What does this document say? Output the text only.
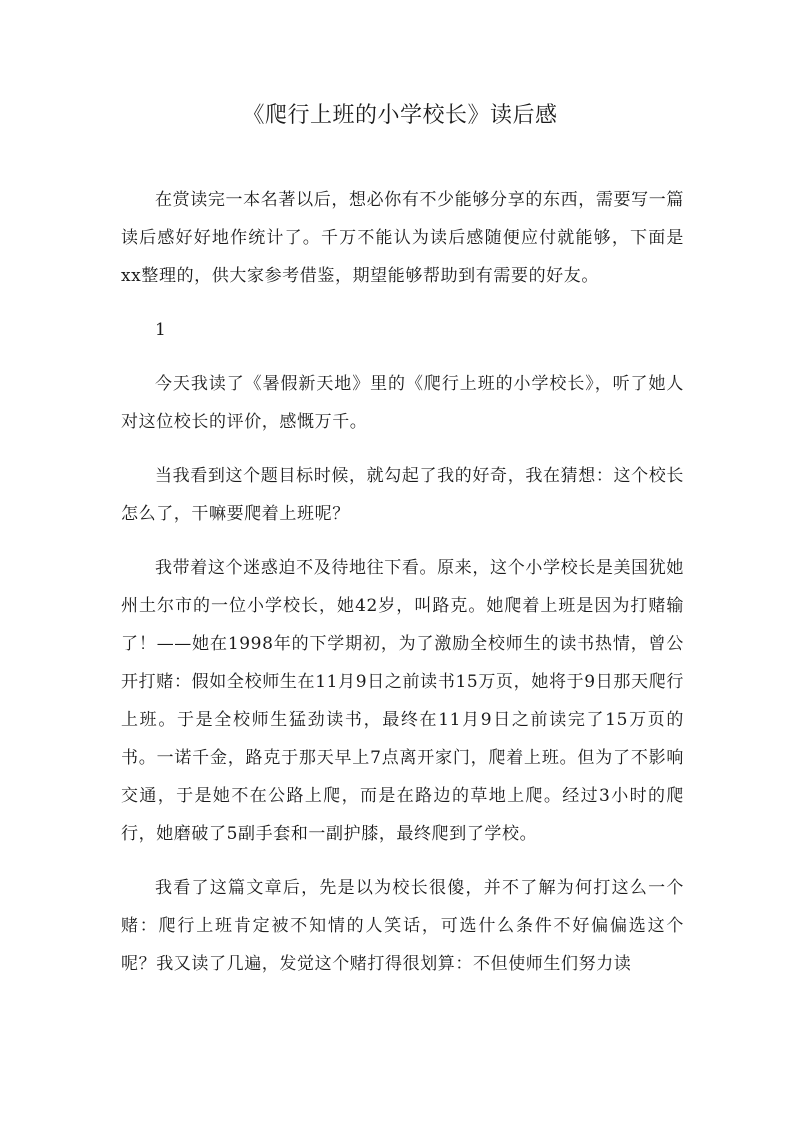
《爬行上班的小学校长》读后感

在赏读完一本名著以后，想必你有不少能够分享的东西，需要写一篇读后感好好地作统计了。千万不能认为读后感随便应付就能够，下面是xx整理的，供大家参考借鉴，期望能够帮助到有需要的好友。

1

今天我读了《暑假新天地》里的《爬行上班的小学校长》，听了她人对这位校长的评价，感慨万千。

当我看到这个题目标时候，就勾起了我的好奇，我在猜想：这个校长怎么了，干嘛要爬着上班呢？

我带着这个迷惑迫不及待地往下看。原来，这个小学校长是美国犹她州土尔市的一位小学校长，她42岁，叫路克。她爬着上班是因为打赌输了！——她在1998年的下学期初，为了激励全校师生的读书热情，曾公开打赌：假如全校师生在11月9日之前读书15万页，她将于9日那天爬行上班。于是全校师生猛劲读书，最终在11月9日之前读完了15万页的书。一诺千金，路克于那天早上7点离开家门，爬着上班。但为了不影响交通，于是她不在公路上爬，而是在路边的草地上爬。经过3小时的爬行，她磨破了5副手套和一副护膝，最终爬到了学校。

我看了这篇文章后，先是以为校长很傻，并不了解为何打这么一个赌：爬行上班肯定被不知情的人笑话，可选什么条件不好偏偏选这个呢？我又读了几遍，发觉这个赌打得很划算：不但使师生们努力读
